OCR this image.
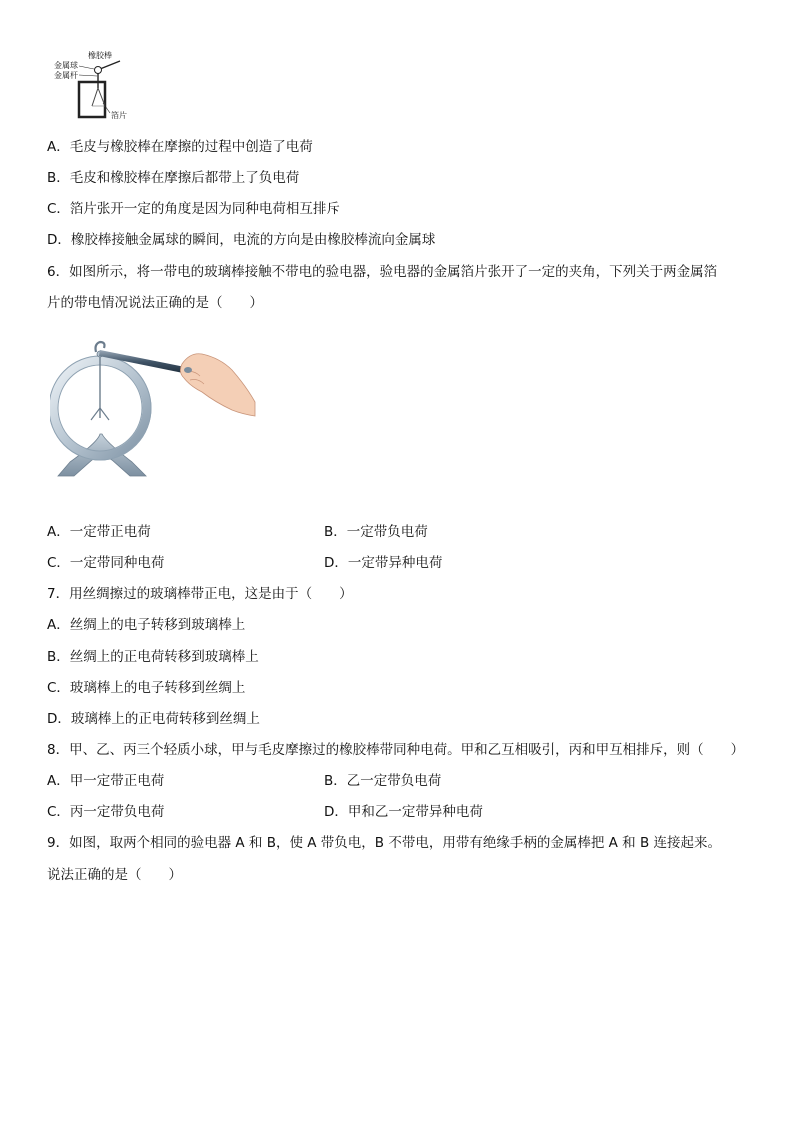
橡胶棒
金属球
金属杆
箔片
A．毛皮与橡胶棒在摩擦的过程中创造了电荷
B．毛皮和橡胶棒在摩擦后都带上了负电荷
C．箔片张开一定的角度是因为同种电荷相互排斥
D．橡胶棒接触金属球的瞬间，电流的方向是由橡胶棒流向金属球
6．如图所示，将一带电的玻璃棒接触不带电的验电器，验电器的金属箔片张开了一定的夹角，下列关于两金属箔
片的带电情况说法正确的是（　　）
A．一定带正电荷	B．一定带负电荷
C．一定带同种电荷	D．一定带异种电荷
7．用丝绸擦过的玻璃棒带正电，这是由于（　　）
A．丝绸上的电子转移到玻璃棒上
B．丝绸上的正电荷转移到玻璃棒上
C．玻璃棒上的电子转移到丝绸上
D．玻璃棒上的正电荷转移到丝绸上
8．甲、乙、丙三个轻质小球，甲与毛皮摩擦过的橡胶棒带同种电荷。甲和乙互相吸引，丙和甲互相排斥，则（　　）
A．甲一定带正电荷	B．乙一定带负电荷
C．丙一定带负电荷	D．甲和乙一定带异种电荷
9．如图，取两个相同的验电器 A 和 B，使 A 带负电，B 不带电，用带有绝缘手柄的金属棒把 A 和 B 连接起来。
说法正确的是（　　）
